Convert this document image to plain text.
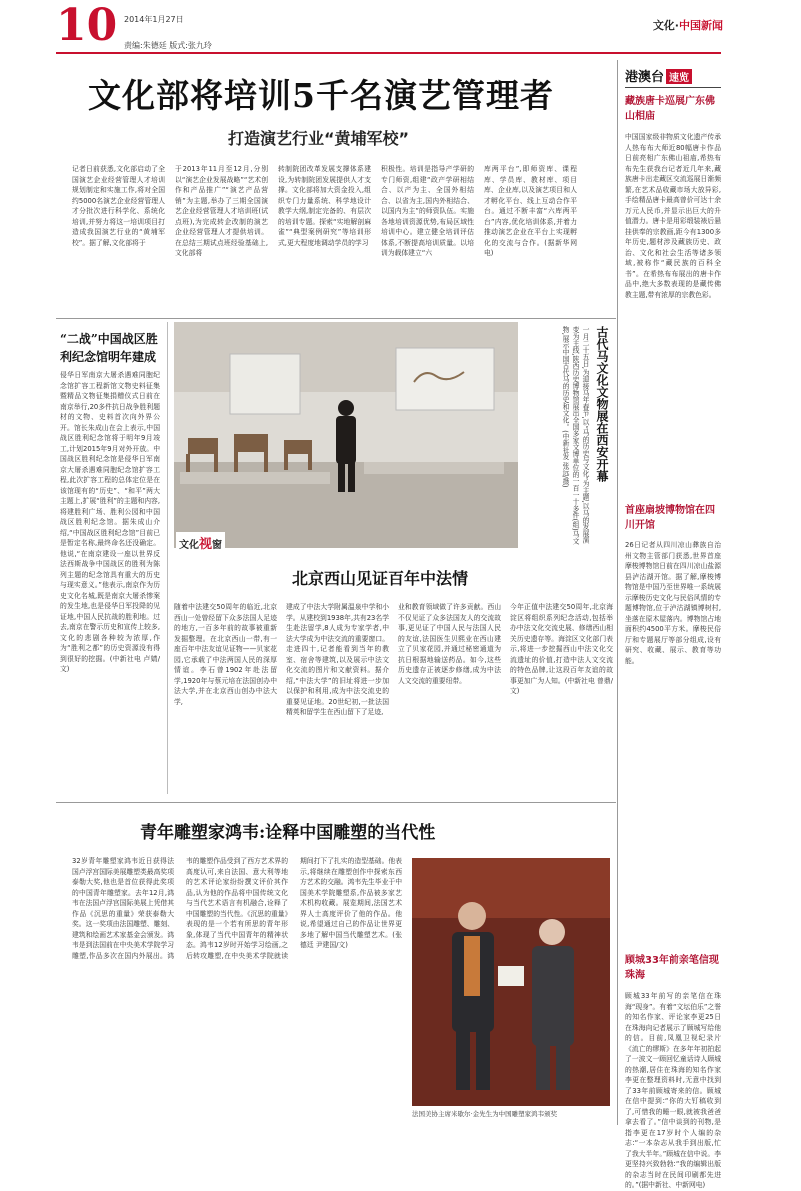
10 2014年1月27日
责编:朱德廷 版式:张九玲
文化·中国新闻
港澳台 速览
藏族唐卡巡展广东佛山相庙
中国国家级非物质文化遗产传承人热布布大师近80幅唐卡作品日前亮相广东佛山祖庙,希热布布先生获我台记者近几年来,藏族唐卡出走藏区交流巡展日渐频繁,在艺术品收藏市场大放异彩,手绘精品唐卡最高曾价可达十余万元人民币,并显示出巨大的升值潜力。唐卡是用彩缎装裱后悬挂供奉的宗教画,距今有1300多年历史,题材涉及藏族历史、政治、文化和社会生活等诸多领域,被称作“藏民族的百科全书”。在希热布布展出的唐卡作品中,绝大多数表现的是藏传佛教主题,带有浓厚的宗教色彩。
首座扇坡博物馆在四川开馆
26日记者从四川凉山彝族自治州文物主管部门获悉,世界首座摩梭博物馆日前在四川凉山盐源县泸沽湖开馆。据了解,摩梭博物馆是中国乃至世界唯一系统展示摩梭历史文化与民俗风情的专题博物馆,位于泸沽湖镇博树村,坐落在原木屋落内。博物馆占地面积约4500平方米。摩梭民俗厅和专题展厅等部分组成,设有研究、收藏、展示、教育等功能。
顾城33年前亲笔信现珠海
顾城33年前写的亲笔信在珠海“现身”。有着“文坛伯乐”之誉的知名作家、评论家李更25日在珠海向记者展示了顾城写给他的信。目前,凤凰卫视纪录片《流亡的缪斯》在多年年初拍起了一波文一顾回忆童话诗人顾城的热潮,居住在珠海的知名作家李更在整理资料时,无意中找到了33年前顾城寄来的信。顾城在信中提到:“你的大钉稿收到了,可惜我的睡一眼,就被我爸爸拿去看了。”信中谈到的刊物,是指李更在17岁时个人编的杂志:“一本杂志从我手到出版,忙了我大半年。”顾城在信中说。李更坚持兴致勃勃:“我的编辑出版的杂志当时在民间印刷都先进的。”(据中新社、中新网电)
文化部将培训5千名演艺管理者
打造演艺行业“黄埔军校”
记者日前获悉,文化部启动了全国演艺企业经营管理人才培训规划制定和实施工作,将对全国约5000名演艺企业经营管理人才分批次进行科学化、系统化培训,并努力将这一培训项目打造成我国演艺行业的“黄埔军校”。据了解,文化部将于
于2013年11月至12月,分别以“演艺企业发展战略”“艺术创作和产品推广”“演艺产品营销”为主题,举办了三期全国演艺企业经营管理人才培训班(试点班),为完成转企改制的演艺企业经营管理人才提供培训。在总结三期试点班经验基础上,文化部将
转制院团改革发展支撑体系建设,为转制院团发展提供人才支撑。文化部将加大资金投入,组织专门力量系统、科学地设计教学大纲,制定完备的、有层次的培训专题。探索“实地解剖麻雀”“典型案例研究”等培训形式,更大程度地调动学员的学习
积极性。培训是指导产学研的专门师资,组建“政产学研相结合、以产为主、全国外相结合、以省为主,国内外相结合、以国内为主”的师资队伍。实施各地培训资源优势,布局区域性培训中心。建立健全培训评估体系,不断提高培训质量。以培训为载体建立“六
库两平台”,即师资库、课程库、学员库、教材库、项目库、企业库,以及演艺项目和人才孵化平台、线上互动合作平台。通过不断丰富“六库两平台”内容,优化培训体系,并着力推动演艺企业在平台上实现孵化的交流与合作。(据新华网电)
“二战”中国战区胜利纪念馆明年建成
侵华日军南京大屠杀遇难同胞纪念馆扩容工程新馆文物史料征集暨精品文物征集捐赠仪式日前在南京举行,20多件抗日战争胜利题材的文物、史料首次向外界公开。馆长朱成山在会上表示,中国战区胜利纪念馆将于明年9月竣工,计划2015年9月对外开放。中国战区胜利纪念馆是侵华日军南京大屠杀遇难同胞纪念馆扩容工程,此次扩容工程的总体定位是在该馆现有的“历史”、“和平”两大主题上,扩展“胜利”的主题和内容,将建胜利广场、胜利公园和中国战区胜利纪念馆。据朱成山介绍,“中国战区胜利纪念馆”目前已是暂定名称,最终命名还没确定。他说,“在南京建设一座以世界反法西斯战争中国战区的胜利为陈列主题的纪念馆具有重大的历史与现实意义。”他表示,南京作为历史文化名城,既是南京大屠杀惨案的发生地,也是侵华日军投降的见证地,中国人民抗战的胜利地。过去,南京在警示历史和宣传上较多,文化的悲剧各种较为浓厚,作为“胜利之都”的历史资源没有得到很好的挖掘。(中新社电 卢婧/文)
文化视窗
古代马文化文物展在西安开幕
一月二十五日,为迎接马年春节,以“马的历史与文化”为主题,以马的发展演变为主线,陕西历史博物馆展出全国多家文博单位的一百一十多件(组)马文物,展示中国古代马的历史和文化。(中新社发 张远/摄)
北京西山见证百年中法情
随着中法建交50周年的临近,北京西山一处曾经留下众多法国人足迹的地方,一百多年前的故事被重新发掘整理。在北京西山一带,有一座百年中法友谊见证物——贝家花园,它承载了中法两国人民的深厚情谊。李石曾1902年赴法留学,1920年与蔡元培在法国创办中法大学,并在北京西山创办中法大学,
建成了中法大学附属温泉中学和小学。从建校到1938年,共有23名学生赴法留学,8人成为专家学者,中法大学成为中法交流的重要窗口。走进四十,记者能看到当年的教室、宿舍等建筑,以及展示中法文化交流的图片和文献资料。据介绍,“中法大学”的旧址将进一步加以保护和利用,成为中法交流史的重要见证地。20世纪初,一批法国精英和留学生在西山留下了足迹,
业和教育领域做了许多贡献。西山不仅见证了众多法国友人的交流故事,更见证了中国人民与法国人民的友谊,法国医生贝熙业在西山建立了贝家花园,并通过秘密通道为抗日根据地输送药品。如今,这些历史遗存正被逐步修缮,成为中法人文交流的重要纽带。
今年正值中法建交50周年,北京海淀区将组织系列纪念活动,包括举办中法文化交流史展、修缮西山相关历史遗存等。海淀区文化部门表示,将进一步挖掘西山中法文化交流遗址的价值,打造中法人文交流的特色品牌,让这段百年友谊的故事更加广为人知。(中新社电 曾鼎/文)
青年雕塑家鸿韦:诠释中国雕塑的当代性
32岁青年雕塑家鸿韦近日获得法国卢浮宫国际美展雕塑类最高奖项泰勒大奖,他也是首位获得此奖项的中国青年雕塑家。去年12月,鸿韦在法国卢浮宫国际美展上凭借其作品《沉思的重量》荣获泰勒大奖。这一奖项由法国雕塑、雕刻、建筑和绘画艺术家基金会颁发。鸿韦是到法国前在中央美术学院学习雕塑,作品多次在国内外展出。鸿韦的雕塑作品受到了西方艺术界的高度认可,来自法国、意大利等地的艺术评论家纷纷撰文评价其作品,认为他的作品将中国传统文化与当代艺术语言有机融合,诠释了中国雕塑的当代性。《沉思的重量》表现的是一个若有所思的青年形象,体现了当代中国青年的精神状态。鸿韦12岁时开始学习绘画,之后转攻雕塑,在中央美术学院就读期间打下了扎实的造型基础。他表示,将继续在雕塑创作中探索东西方艺术的交融。鸿韦先生毕业于中国美术学院雕塑系,作品被多家艺术机构收藏。展览期间,法国艺术界人士高度评价了他的作品。他说,希望通过自己的作品让世界更多地了解中国当代雕塑艺术。(张德廷 尹建国/文)
法国美协主席米歇尔·金先生为中国雕塑家鸿韦颁奖
